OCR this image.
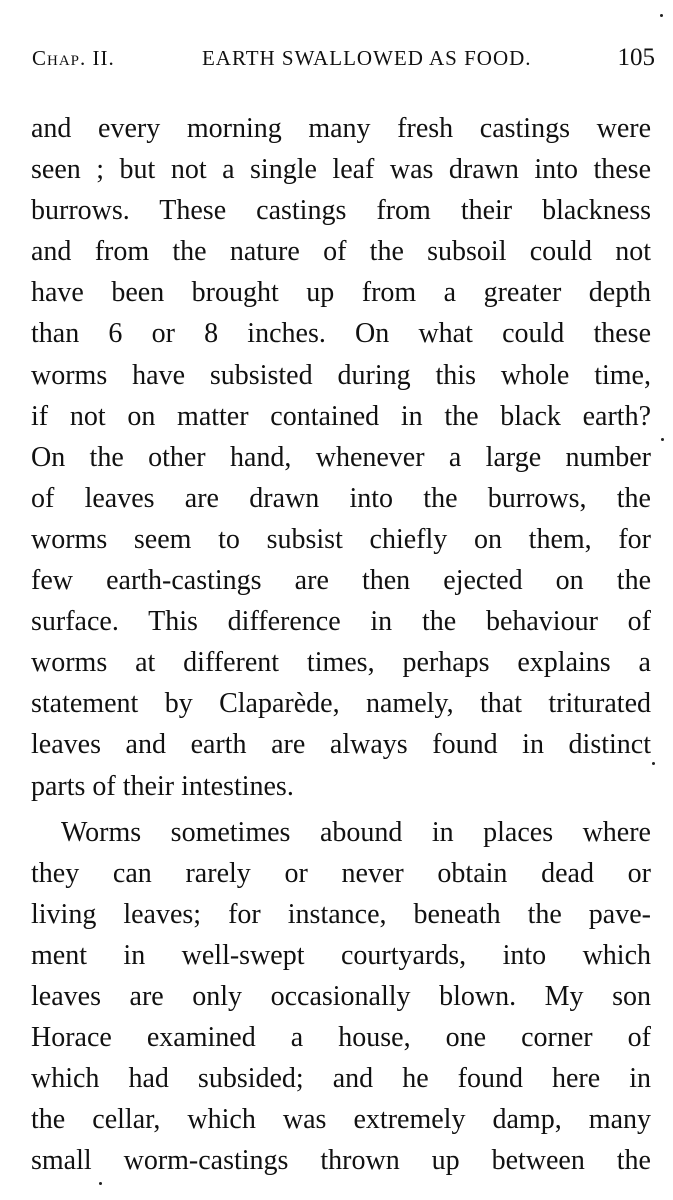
Chap. II.	EARTH SWALLOWED AS FOOD.	105
and every morning many fresh castings were
seen ; but not a single leaf was drawn into these
burrows. These castings from their blackness
and from the nature of the subsoil could not
have been brought up from a greater depth
than 6 or 8 inches. On what could these
worms have subsisted during this whole time,
if not on matter contained in the black earth?
On the other hand, whenever a large number
of leaves are drawn into the burrows, the
worms seem to subsist chiefly on them, for
few earth-castings are then ejected on the
surface. This difference in the behaviour of
worms at different times, perhaps explains a
statement by Claparède, namely, that triturated
leaves and earth are always found in distinct
parts of their intestines.
Worms sometimes abound in places where
they can rarely or never obtain dead or
living leaves; for instance, beneath the pave-
ment in well-swept courtyards, into which
leaves are only occasionally blown. My son
Horace examined a house, one corner of
which had subsided; and he found here in
the cellar, which was extremely damp, many
small worm-castings thrown up between the
